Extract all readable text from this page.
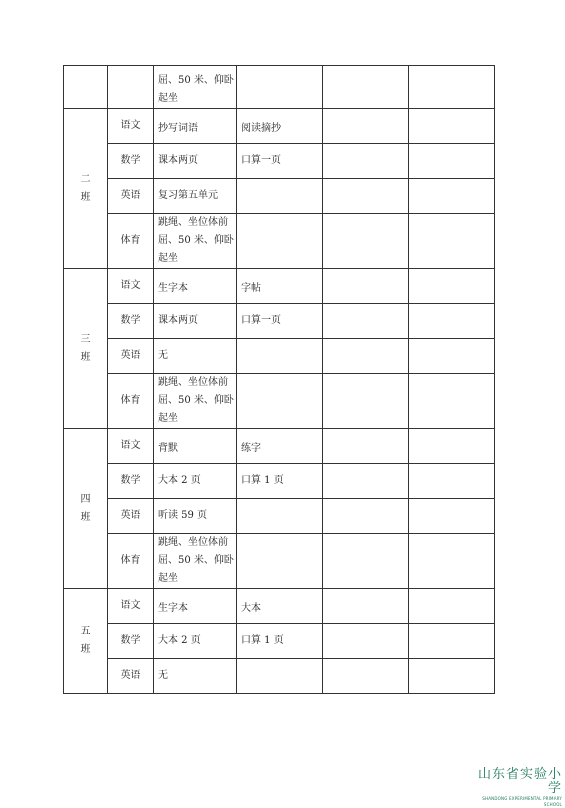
		屈、50 米、仰卧起坐			

二班	语文	抄写词语	阅读摘抄		
	数学	课本两页	口算一页		
	英语	复习第五单元			
	体育	跳绳、坐位体前屈、50 米、仰卧起坐			

三班	语文	生字本	字帖		
	数学	课本两页	口算一页		
	英语	无			
	体育	跳绳、坐位体前屈、50 米、仰卧起坐			

四班	语文	背默	练字		
	数学	大本 2 页	口算 1 页		
	英语	听读 59 页			
	体育	跳绳、坐位体前屈、50 米、仰卧起坐			

五班	语文	生字本	大本		
	数学	大本 2 页	口算 1 页		
	英语	无			
山东省实验小学
SHANDONG EXPERIMENTAL PRIMARY SCHOOL
